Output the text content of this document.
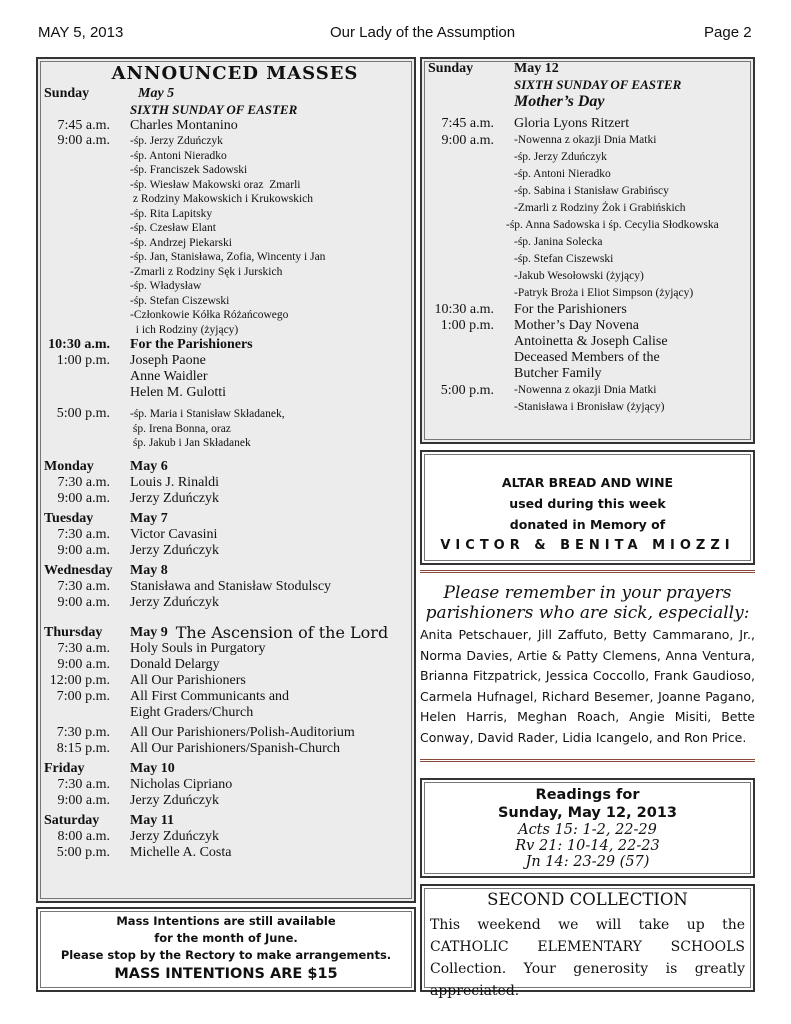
MAY 5, 2013	Our Lady of the Assumption	Page 2
ANNOUNCED MASSES
Sunday	May 5
SIXTH SUNDAY OF EASTER
7:45 a.m. Charles Montanino
9:00 a.m. -śp. Jerzy Zduńczyk
-śp. Antoni Nieradko
-śp. Franciszek Sadowski
-śp. Wiesław Makowski oraz  Zmarli
z Rodziny Makowskich i Krukowskich
-śp. Rita Lapitsky
-śp. Czesław Elant
-śp. Andrzej Piekarski
-śp. Jan, Stanisława, Zofia, Wincenty i Jan
-Zmarli z Rodziny Sęk i Jurskich
-śp. Władysław
-śp. Stefan Ciszewski
-Członkowie Kółka Różańcowego
i ich Rodziny (żyjący)
10:30 a.m. For the Parishioners
1:00 p.m. Joseph Paone
Anne Waidler
Helen M. Gulotti
5:00 p.m. -śp. Maria i Stanisław Składanek,
śp. Irena Bonna, oraz
śp. Jakub i Jan Składanek
Monday	May 6
7:30 a.m. Louis J. Rinaldi
9:00 a.m. Jerzy Zduńczyk
Tuesday	May 7
7:30 a.m. Victor Cavasini
9:00 a.m. Jerzy Zduńczyk
Wednesday	May 8
7:30 a.m. Stanisława and Stanisław Stodulscy
9:00 a.m. Jerzy Zduńczyk
Thursday	May 9 The Ascension of the Lord
7:30 a.m. Holy Souls in Purgatory
9:00 a.m. Donald Delargy
12:00 p.m. All Our Parishioners
7:00 p.m. All First Communicants and
Eight Graders/Church
7:30 p.m. All Our Parishioners/Polish-Auditorium
8:15 p.m. All Our Parishioners/Spanish-Church
Friday	May 10
7:30 a.m. Nicholas Cipriano
9:00 a.m. Jerzy Zduńczyk
Saturday	May 11
8:00 a.m. Jerzy Zduńczyk
5:00 p.m. Michelle A. Costa
Sunday	May 12
SIXTH SUNDAY OF EASTER
Mother’s Day
7:45 a.m. Gloria Lyons Ritzert
9:00 a.m. -Nowenna z okazji Dnia Matki
-śp. Jerzy Zduńczyk
-śp. Antoni Nieradko
-śp. Sabina i Stanisław Grabińscy
-Zmarli z Rodziny Żok i Grabińskich
-śp. Anna Sadowska i śp. Cecylia Słodkowska
-śp. Janina Solecka
-śp. Stefan Ciszewski
-Jakub Wesołowski (żyjący)
-Patryk Broża i Eliot Simpson (żyjący)
10:30 a.m. For the Parishioners
1:00 p.m. Mother’s Day Novena
Antoinetta & Joseph Calise
Deceased Members of the
Butcher Family
5:00 p.m. -Nowenna z okazji Dnia Matki
-Stanisława i Bronisław (żyjący)
ALTAR BREAD AND WINE
used during this week
donated in Memory of
VICTOR & BENITA MIOZZI
Please remember in your prayers
parishioners who are sick, especially:
Anita Petschauer, Jill Zaffuto, Betty Cammarano, Jr., Norma Davies, Artie & Patty Clemens, Anna Ventura, Brianna Fitzpatrick, Jessica Coccollo, Frank Gaudioso, Carmela Hufnagel, Richard Besemer, Joanne Pagano, Helen Harris, Meghan Roach, Angie Misiti, Bette Conway, David Rader, Lidia Icangelo, and Ron Price.
Readings for
Sunday, May 12, 2013
Acts 15: 1-2, 22-29
Rv 21: 10-14, 22-23
Jn 14: 23-29 (57)
Mass Intentions are still available
for the month of June.
Please stop by the Rectory to make arrangements.
MASS INTENTIONS ARE $15
SECOND COLLECTION
This weekend we will take up the CATHOLIC ELEMENTARY SCHOOLS Collection. Your generosity is greatly appreciated.
